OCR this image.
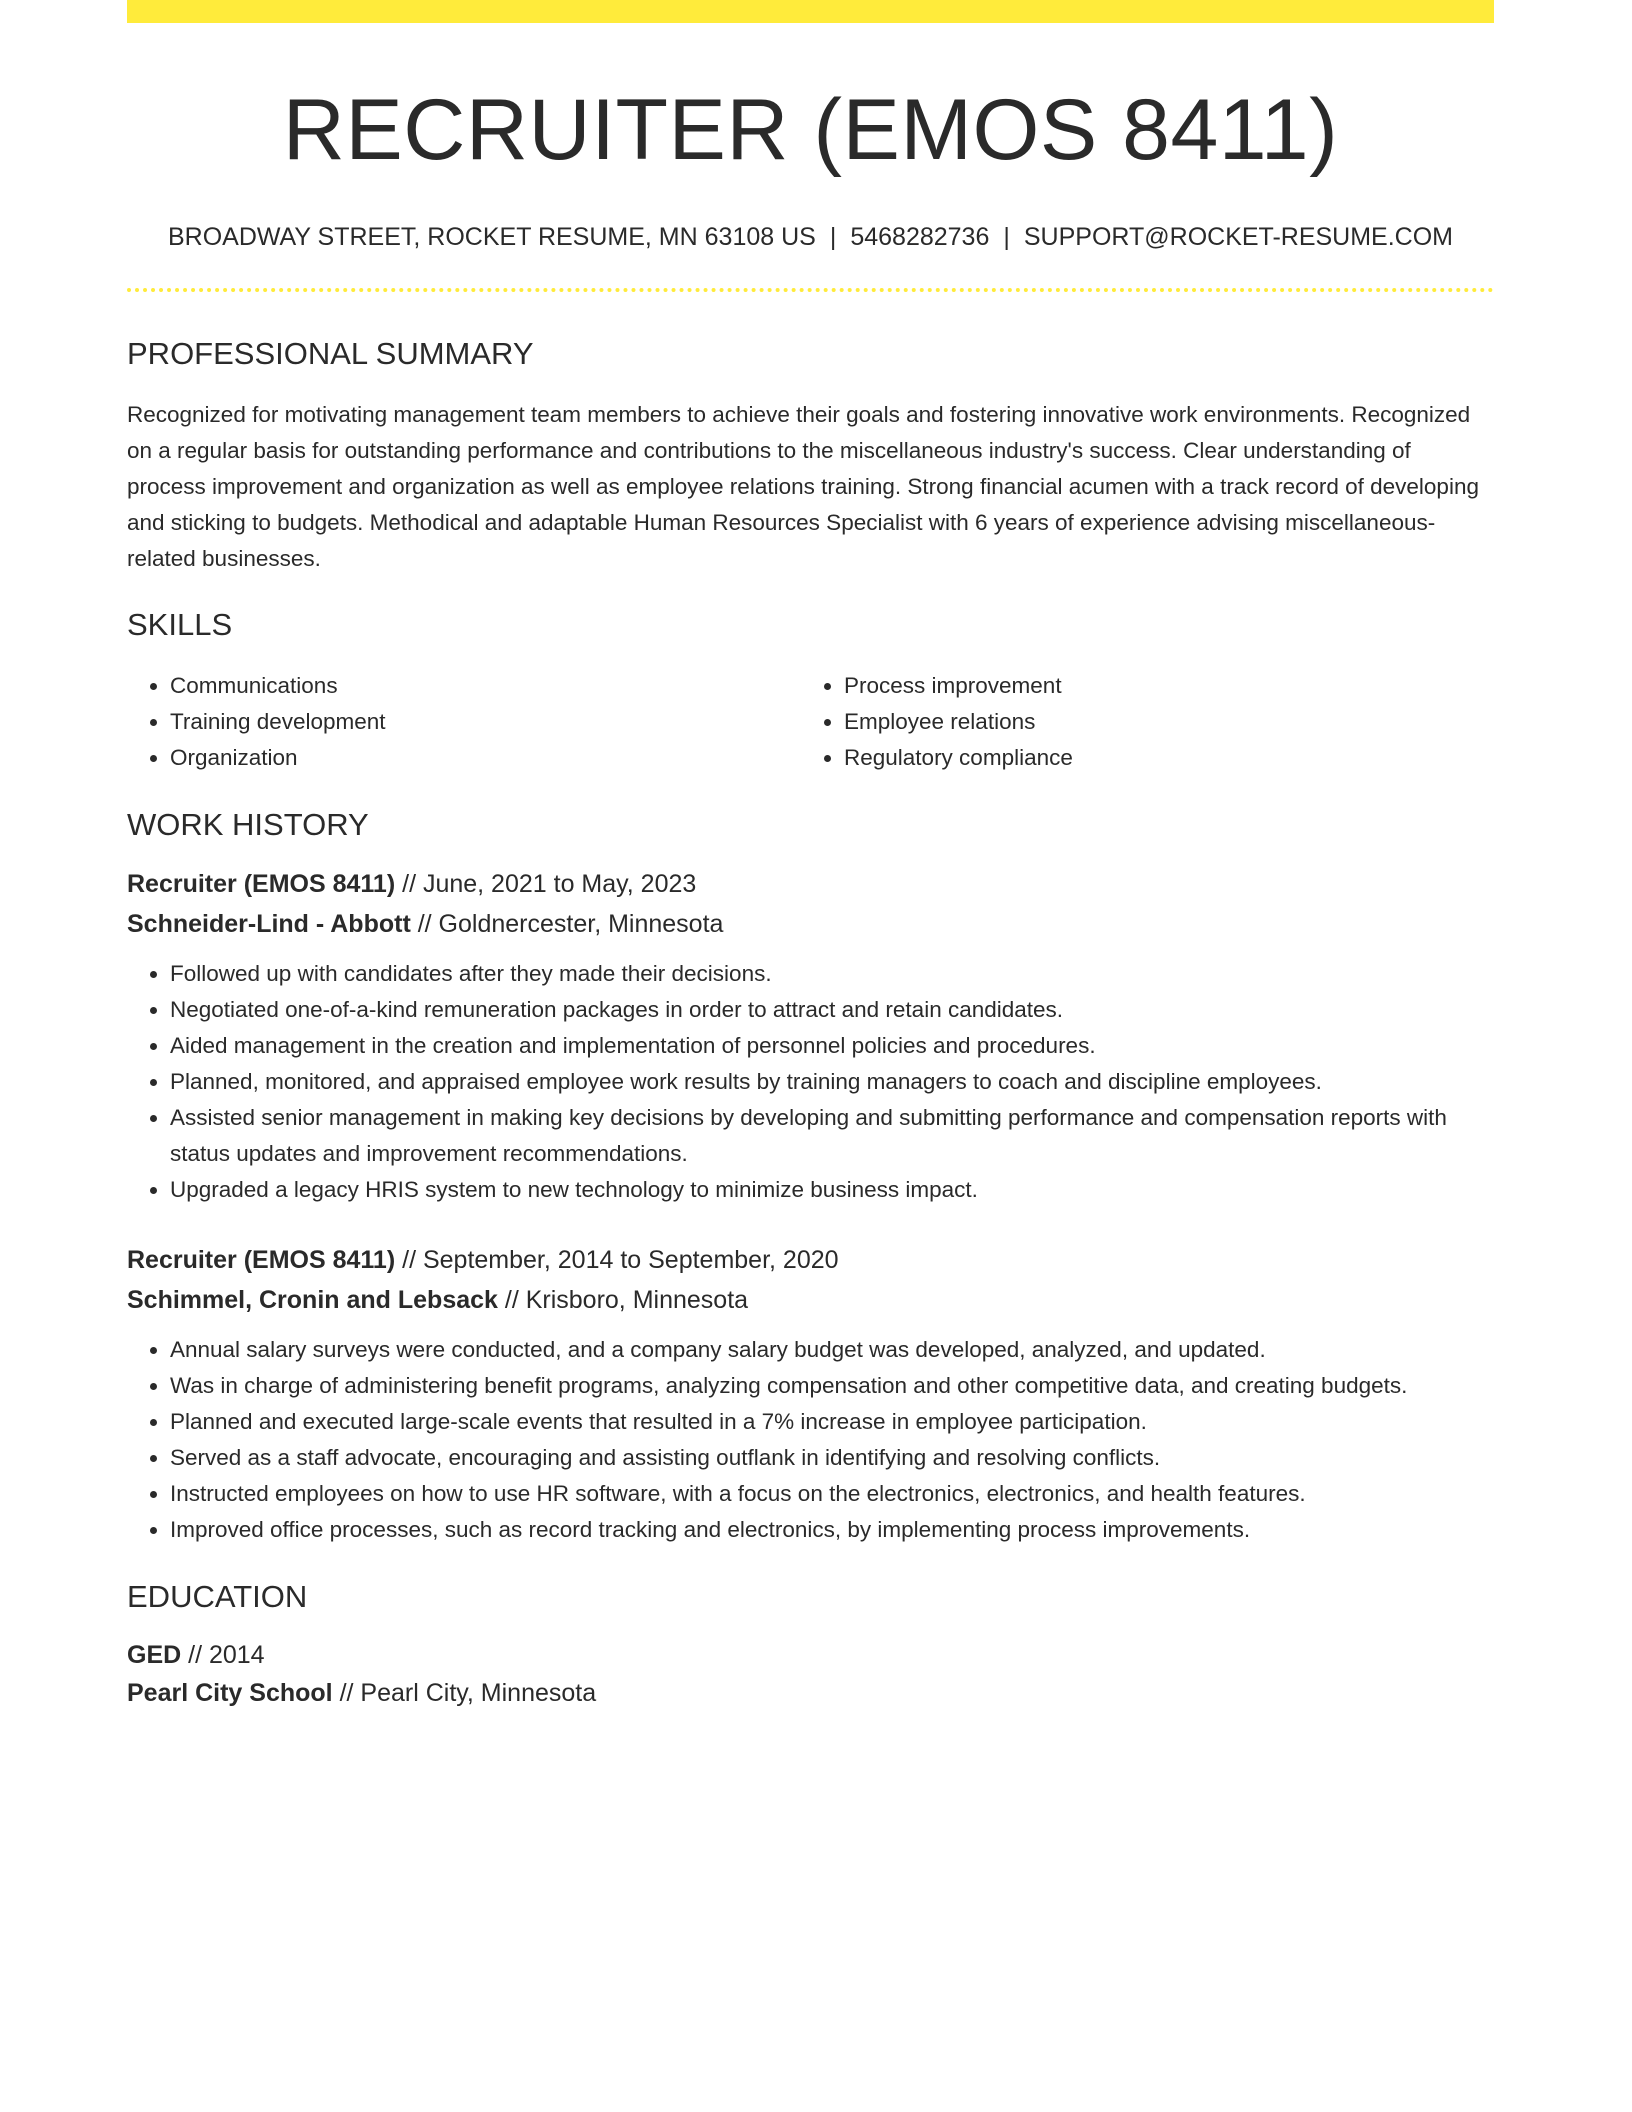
RECRUITER (EMOS 8411)
BROADWAY STREET, ROCKET RESUME, MN 63108 US | 5468282736 | SUPPORT@ROCKET-RESUME.COM
PROFESSIONAL SUMMARY

Recognized for motivating management team members to achieve their goals and fostering innovative work environments. Recognized on a regular basis for outstanding performance and contributions to the miscellaneous industry's success. Clear understanding of process improvement and organization as well as employee relations training. Strong financial acumen with a track record of developing and sticking to budgets. Methodical and adaptable Human Resources Specialist with 6 years of experience advising miscellaneous-related businesses.

SKILLS
• Communications
• Training development
• Organization
• Process improvement
• Employee relations
• Regulatory compliance
WORK HISTORY
Recruiter (EMOS 8411) // June, 2021 to May, 2023
Schneider-Lind - Abbott // Goldnercester, Minnesota
• Followed up with candidates after they made their decisions.
• Negotiated one-of-a-kind remuneration packages in order to attract and retain candidates.
• Aided management in the creation and implementation of personnel policies and procedures.
• Planned, monitored, and appraised employee work results by training managers to coach and discipline employees.
• Assisted senior management in making key decisions by developing and submitting performance and compensation reports with status updates and improvement recommendations.
• Upgraded a legacy HRIS system to new technology to minimize business impact.
Recruiter (EMOS 8411) // September, 2014 to September, 2020
Schimmel, Cronin and Lebsack // Krisboro, Minnesota
• Annual salary surveys were conducted, and a company salary budget was developed, analyzed, and updated.
• Was in charge of administering benefit programs, analyzing compensation and other competitive data, and creating budgets.
• Planned and executed large-scale events that resulted in a 7% increase in employee participation.
• Served as a staff advocate, encouraging and assisting outflank in identifying and resolving conflicts.
• Instructed employees on how to use HR software, with a focus on the electronics, electronics, and health features.
• Improved office processes, such as record tracking and electronics, by implementing process improvements.
EDUCATION
GED // 2014
Pearl City School // Pearl City, Minnesota
